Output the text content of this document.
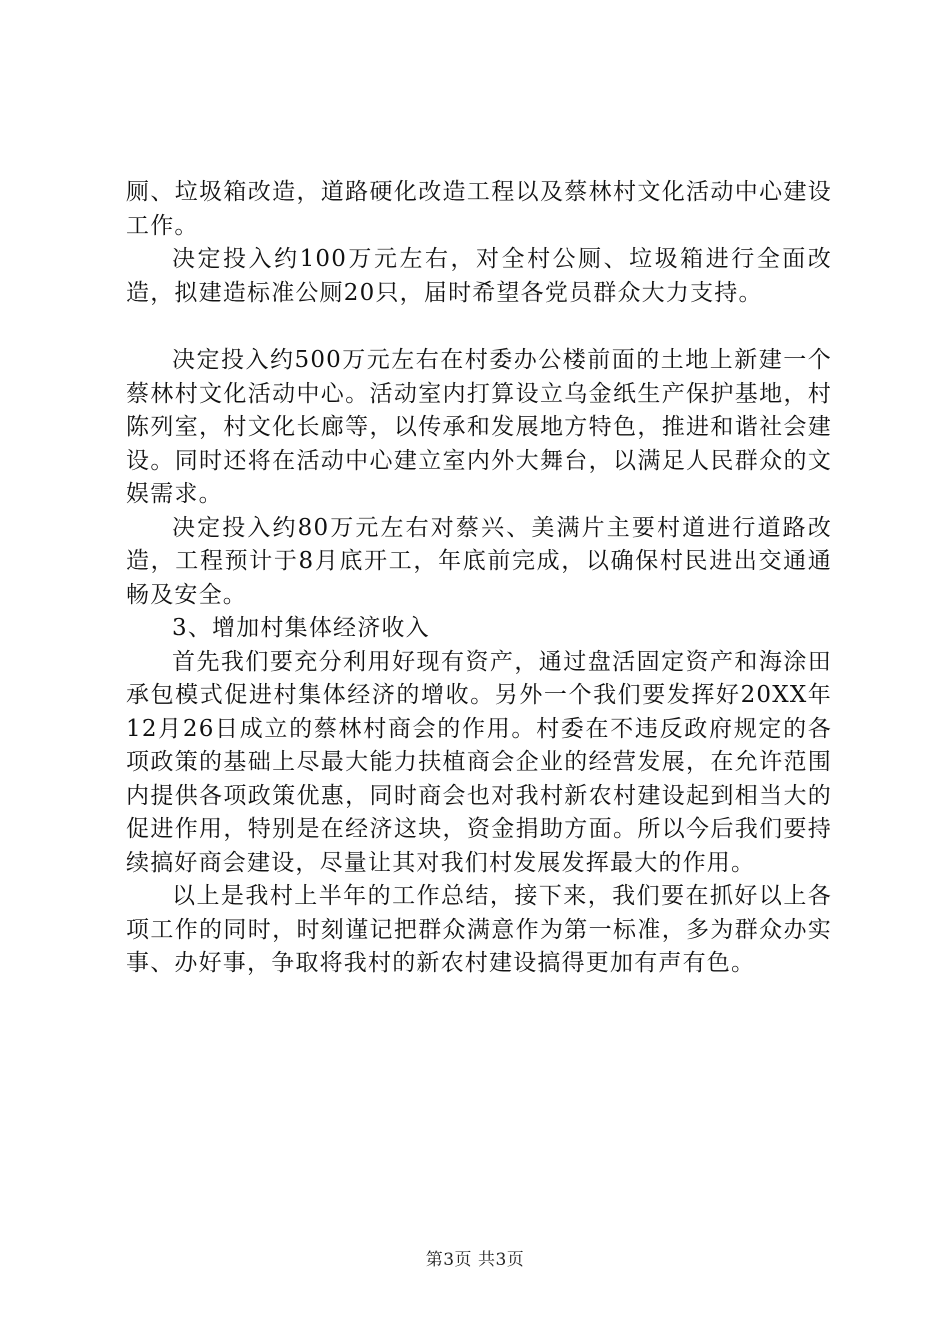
厕、垃圾箱改造，道路硬化改造工程以及蔡林村文化活动中心建设工作。

决定投入约100万元左右，对全村公厕、垃圾箱进行全面改造，拟建造标准公厕20只，届时希望各党员群众大力支持。

决定投入约500万元左右在村委办公楼前面的土地上新建一个蔡林村文化活动中心。活动室内打算设立乌金纸生产保护基地，村陈列室，村文化长廊等，以传承和发展地方特色，推进和谐社会建设。同时还将在活动中心建立室内外大舞台，以满足人民群众的文娱需求。

决定投入约80万元左右对蔡兴、美满片主要村道进行道路改造，工程预计于8月底开工，年底前完成，以确保村民进出交通通畅及安全。

3、增加村集体经济收入

首先我们要充分利用好现有资产，通过盘活固定资产和海涂田承包模式促进村集体经济的增收。另外一个我们要发挥好20XX年12月26日成立的蔡林村商会的作用。村委在不违反政府规定的各项政策的基础上尽最大能力扶植商会企业的经营发展，在允许范围内提供各项政策优惠，同时商会也对我村新农村建设起到相当大的促进作用，特别是在经济这块，资金捐助方面。所以今后我们要持续搞好商会建设，尽量让其对我们村发展发挥最大的作用。

以上是我村上半年的工作总结，接下来，我们要在抓好以上各项工作的同时，时刻谨记把群众满意作为第一标准，多为群众办实事、办好事，争取将我村的新农村建设搞得更加有声有色。

第3页 共3页
